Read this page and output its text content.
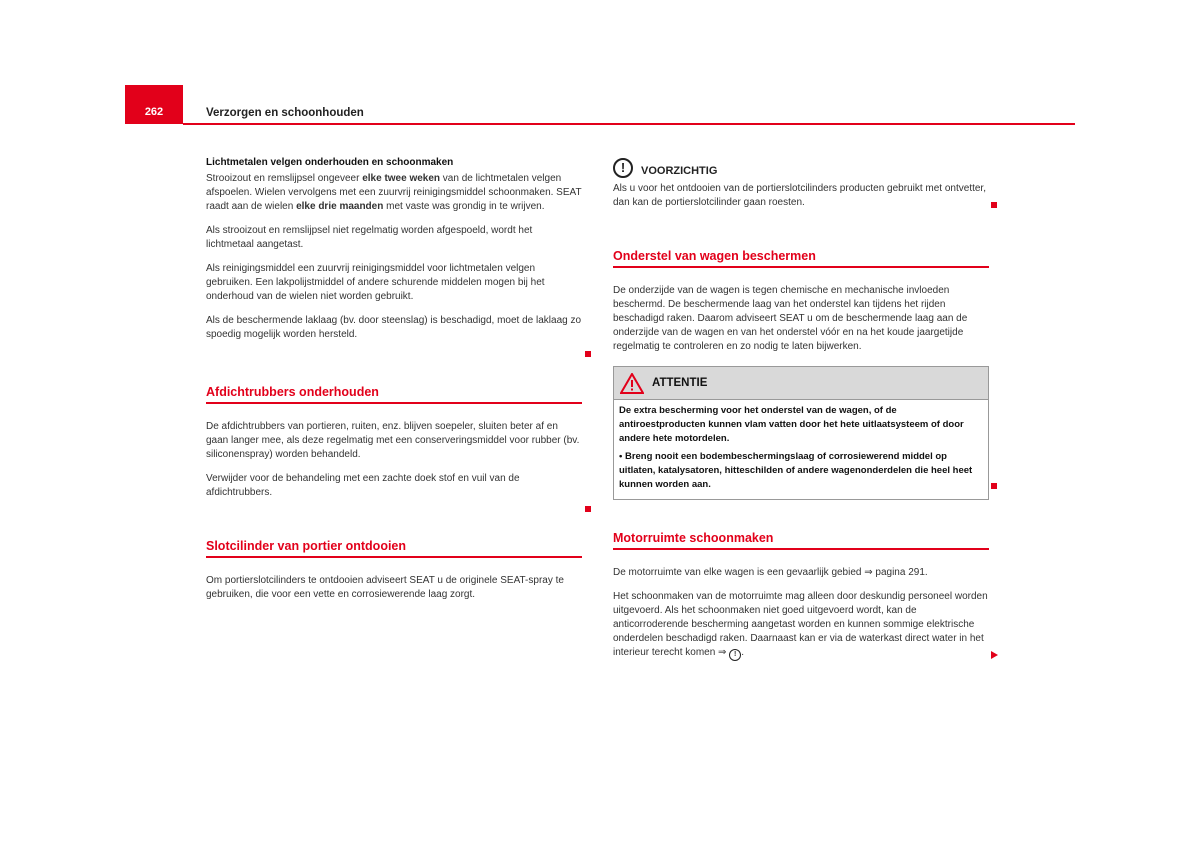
262	Verzorgen en schoonhouden
Lichtmetalen velgen onderhouden en schoonmaken

Strooizout en remslijpsel ongeveer elke twee weken van de lichtmetalen velgen afspoelen. Wielen vervolgens met een zuurvrij reinigingsmiddel schoonmaken. SEAT raadt aan de wielen elke drie maanden met vaste was grondig in te wrijven.

Als strooizout en remslijpsel niet regelmatig worden afgespoeld, wordt het lichtmetaal aangetast.

Als reinigingsmiddel een zuurvrij reinigingsmiddel voor lichtmetalen velgen gebruiken. Een lakpolijstmiddel of andere schurende middelen mogen bij het onderhoud van de wielen niet worden gebruikt.

Als de beschermende laklaag (bv. door steenslag) is beschadigd, moet de laklaag zo spoedig mogelijk worden hersteld.

Afdichtrubbers onderhouden

De afdichtrubbers van portieren, ruiten, enz. blijven soepeler, sluiten beter af en gaan langer mee, als deze regelmatig met een conserveringsmiddel voor rubber (bv. siliconenspray) worden behandeld.

Verwijder voor de behandeling met een zachte doek stof en vuil van de afdichtrubbers.

Slotcilinder van portier ontdooien

Om portierslotcilinders te ontdooien adviseert SEAT u de originele SEAT-spray te gebruiken, die voor een vette en corrosiewerende laag zorgt.

!	VOORZICHTIG

Als u voor het ontdooien van de portierslotcilinders producten gebruikt met ontvetter, dan kan de portierslotcilinder gaan roesten.

Onderstel van wagen beschermen

De onderzijde van de wagen is tegen chemische en mechanische invloeden beschermd. De beschermende laag van het onderstel kan tijdens het rijden beschadigd raken. Daarom adviseert SEAT u om de beschermende laag aan de onderzijde van de wagen en van het onderstel vóór en na het koude jaargetijde regelmatig te controleren en zo nodig te laten bijwerken.

ATTENTIE

De extra bescherming voor het onderstel van de wagen, of de antiroestproducten kunnen vlam vatten door het hete uitlaatsysteem of door andere hete motordelen.

• Breng nooit een bodembeschermingslaag of corrosiewerend middel op uitlaten, katalysatoren, hitteschilden of andere wagenonderdelen die heel heet kunnen worden aan.

Motorruimte schoonmaken

De motorruimte van elke wagen is een gevaarlijk gebied ⇒ pagina 291.

Het schoonmaken van de motorruimte mag alleen door deskundig personeel worden uitgevoerd. Als het schoonmaken niet goed uitgevoerd wordt, kan de anticorroderende bescherming aangetast worden en kunnen sommige elektrische onderdelen beschadigd raken. Daarnaast kan er via de waterkast direct water in het interieur terecht komen ⇒ ! .
